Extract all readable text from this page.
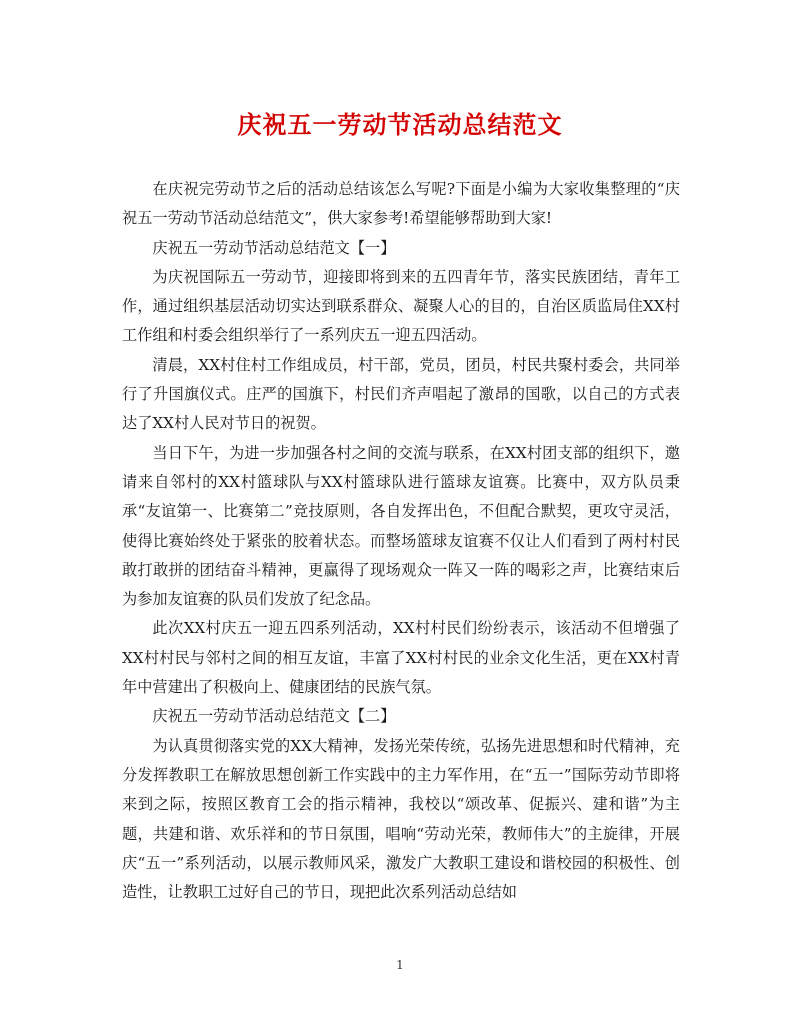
庆祝五一劳动节活动总结范文

在庆祝完劳动节之后的活动总结该怎么写呢?下面是小编为大家收集整理的“庆祝五一劳动节活动总结范文”，供大家参考!希望能够帮助到大家!

庆祝五一劳动节活动总结范文【一】

为庆祝国际五一劳动节，迎接即将到来的五四青年节，落实民族团结，青年工作，通过组织基层活动切实达到联系群众、凝聚人心的目的，自治区质监局住XX村工作组和村委会组织举行了一系列庆五一迎五四活动。

清晨，XX村住村工作组成员，村干部，党员，团员，村民共聚村委会，共同举行了升国旗仪式。庄严的国旗下，村民们齐声唱起了激昂的国歌，以自己的方式表达了XX村人民对节日的祝贺。

当日下午，为进一步加强各村之间的交流与联系，在XX村团支部的组织下，邀请来自邻村的XX村篮球队与XX村篮球队进行篮球友谊赛。比赛中，双方队员秉承“友谊第一、比赛第二”竞技原则，各自发挥出色，不但配合默契，更攻守灵活，使得比赛始终处于紧张的胶着状态。而整场篮球友谊赛不仅让人们看到了两村村民敢打敢拼的团结奋斗精神，更赢得了现场观众一阵又一阵的喝彩之声，比赛结束后为参加友谊赛的队员们发放了纪念品。

此次XX村庆五一迎五四系列活动，XX村村民们纷纷表示，该活动不但增强了XX村村民与邻村之间的相互友谊，丰富了XX村村民的业余文化生活，更在XX村青年中营建出了积极向上、健康团结的民族气氛。

庆祝五一劳动节活动总结范文【二】

为认真贯彻落实党的XX大精神，发扬光荣传统，弘扬先进思想和时代精神，充分发挥教职工在解放思想创新工作实践中的主力军作用，在“五一”国际劳动节即将来到之际，按照区教育工会的指示精神，我校以“颂改革、促振兴、建和谐”为主题，共建和谐、欢乐祥和的节日氛围，唱响“劳动光荣，教师伟大”的主旋律，开展庆“五一”系列活动，以展示教师风采，激发广大教职工建设和谐校园的积极性、创造性，让教职工过好自己的节日，现把此次系列活动总结如

1
